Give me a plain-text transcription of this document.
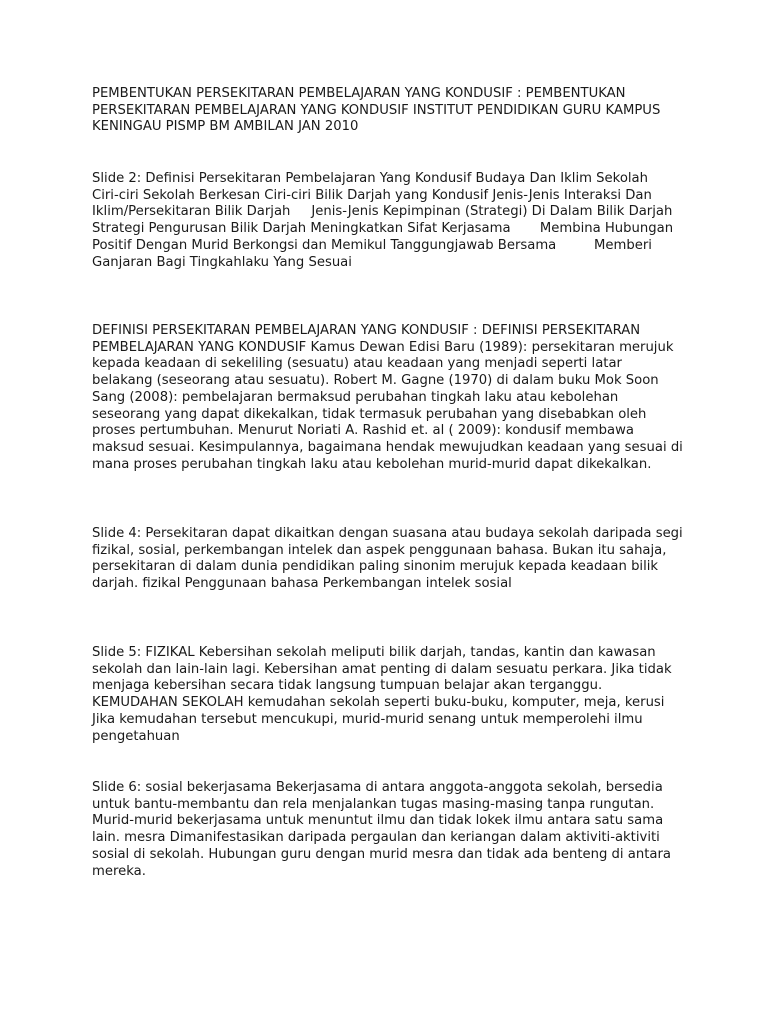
PEMBENTUKAN PERSEKITARAN PEMBELAJARAN YANG KONDUSIF : PEMBENTUKAN PERSEKITARAN PEMBELAJARAN YANG KONDUSIF INSTITUT PENDIDIKAN GURU KAMPUS KENINGAU PISMP BM AMBILAN JAN 2010

Slide 2: Definisi Persekitaran Pembelajaran Yang Kondusif Budaya Dan Iklim Sekolah        Ciri-ciri Sekolah Berkesan Ciri-ciri Bilik Darjah yang Kondusif Jenis-Jenis Interaksi Dan Iklim/Persekitaran Bilik Darjah     Jenis-Jenis Kepimpinan (Strategi) Di Dalam Bilik Darjah Strategi Pengurusan Bilik Darjah Meningkatkan Sifat Kerjasama       Membina Hubungan Positif Dengan Murid Berkongsi dan Memikul Tanggungjawab Bersama         Memberi Ganjaran Bagi Tingkahlaku Yang Sesuai

DEFINISI PERSEKITARAN PEMBELAJARAN YANG KONDUSIF : DEFINISI PERSEKITARAN PEMBELAJARAN YANG KONDUSIF Kamus Dewan Edisi Baru (1989): persekitaran merujuk kepada keadaan di sekeliling (sesuatu) atau keadaan yang menjadi seperti latar belakang (seseorang atau sesuatu). Robert M. Gagne (1970) di dalam buku Mok Soon Sang (2008): pembelajaran bermaksud perubahan tingkah laku atau kebolehan seseorang yang dapat dikekalkan, tidak termasuk perubahan yang disebabkan oleh proses pertumbuhan. Menurut Noriati A. Rashid et. al ( 2009): kondusif membawa maksud sesuai. Kesimpulannya, bagaimana hendak mewujudkan keadaan yang sesuai di mana proses perubahan tingkah laku atau kebolehan murid-murid dapat dikekalkan.

Slide 4: Persekitaran dapat dikaitkan dengan suasana atau budaya sekolah daripada segi fizikal, sosial, perkembangan intelek dan aspek penggunaan bahasa. Bukan itu sahaja, persekitaran di dalam dunia pendidikan paling sinonim merujuk kepada keadaan bilik darjah. fizikal Penggunaan bahasa Perkembangan intelek sosial

Slide 5: FIZIKAL Kebersihan sekolah meliputi bilik darjah, tandas, kantin dan kawasan sekolah dan lain-lain lagi. Kebersihan amat penting di dalam sesuatu perkara. Jika tidak menjaga kebersihan secara tidak langsung tumpuan belajar akan terganggu. KEMUDAHAN SEKOLAH kemudahan sekolah seperti buku-buku, komputer, meja, kerusi Jika kemudahan tersebut mencukupi, murid-murid senang untuk memperolehi ilmu pengetahuan

Slide 6: sosial bekerjasama Bekerjasama di antara anggota-anggota sekolah, bersedia untuk bantu-membantu dan rela menjalankan tugas masing-masing tanpa rungutan. Murid-murid bekerjasama untuk menuntut ilmu dan tidak lokek ilmu antara satu sama lain. mesra Dimanifestasikan daripada pergaulan dan keriangan dalam aktiviti-aktiviti sosial di sekolah. Hubungan guru dengan murid mesra dan tidak ada benteng di antara mereka.
